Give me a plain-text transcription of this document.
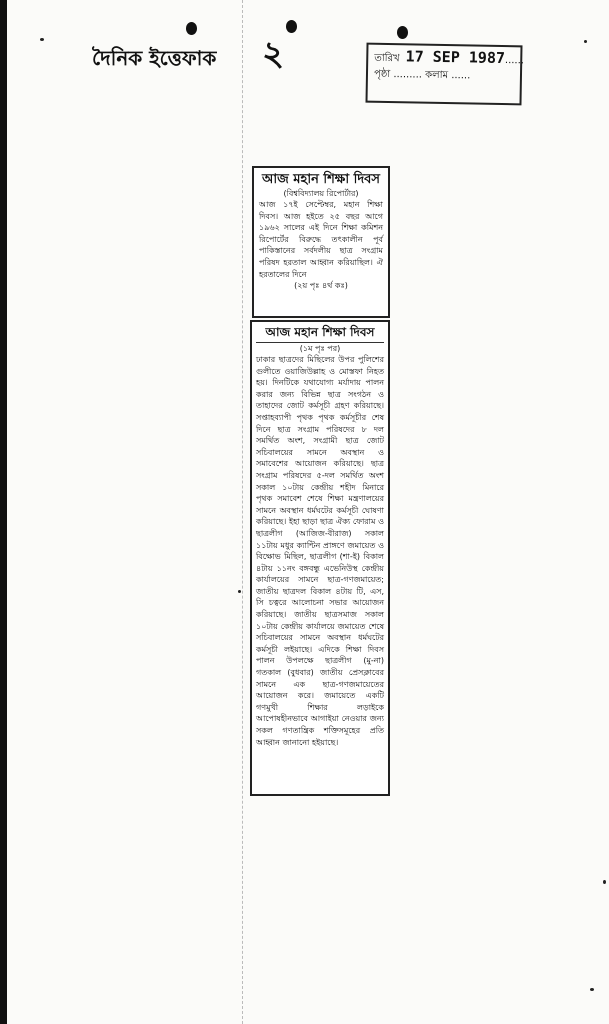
দৈনিক ইত্তেফাক ২	তারিখ 17 SEP 1987......
পৃষ্ঠা ......... কলাম ......
আজ মহান শিক্ষা দিবস
(বিশ্ববিদ্যালয় রিপোর্টার)
আজ ১৭ই সেপ্টেম্বর, মহান শিক্ষা দিবস। আজ হইতে ২৫ বছর আগে ১৯৬২ সালের এই দিনে শিক্ষা কমিশন রিপোর্টের বিরুদ্ধে তৎকালীন পূর্ব পাকিস্তানের সর্বদলীয় ছাত্র সংগ্রাম পরিষদ হরতাল আহ্বান করিয়াছিল। ঐ হরতালের দিনে
(২য় পৃঃ ৪র্থ কঃ)
আজ মহান শিক্ষা দিবস
(১ম পৃঃ পর)
ঢাকার ছাত্রদের মিছিলের উপর পুলিশের গুলীতে ওয়াজিউল্লাহ ও মোস্তফা নিহত হয়। দিনটিকে যথাযোগ্য মর্যাদায় পালন করার জন্য বিভিন্ন ছাত্র সংগঠন ও তাহাদের জোট কর্মসূচী গ্রহণ করিয়াছে। সপ্তাহব্যাপী পৃথক পৃথক কর্মসূচীর শেষ দিনে ছাত্র সংগ্রাম পরিষদের ৮ দল সমর্থিত অংশ, সংগ্রামী ছাত্র জোট সচিবালয়ের সামনে অবস্থান ও সমাবেশের আয়োজন করিয়াছে। ছাত্র সংগ্রাম পরিষদের ৫-দল সমর্থিত অংশ সকাল ১০টায় কেন্দ্রীয় শহীদ মিনারে পৃথক সমাবেশ শেষে শিক্ষা মন্ত্রণালয়ের সামনে অবস্থান ধর্মঘটের কর্মসূচী ঘোষণা করিয়াছে। ইহা ছাড়া ছাত্র ঐক্য ফোরাম ও ছাত্রলীগ (আজিজ-বীরাজ) সকাল ১১টায় মধুর ক্যান্টিন প্রাঙ্গণে জমায়েত ও বিক্ষোভ মিছিল, ছাত্রলীগ (শা-ই) বিকাল ৪টায় ১১নং বঙ্গবন্ধু এভেনিউস্থ কেন্দ্রীয় কার্যালয়ের সামনে ছাত্র-গণজমায়েত; জাতীয় ছাত্রদল বিকাল ৪টায় টি, এস, সি চত্বরে আলোচনা সভার আয়োজন করিয়াছে। জাতীয় ছাত্রসমাজ সকাল ১০টায় কেন্দ্রীয় কার্যালয়ে জমায়েত শেষে সচিবালয়ের সামনে অবস্থান ধর্মঘটের কর্মসূচী লইয়াছে। এদিকে শিক্ষা দিবস পালন উপলক্ষে ছাত্রলীগ (মু-না) গতকাল (বুধবার) জাতীয় প্রেসক্লাবের সামনে এক ছাত্র-গণজমায়েতের আয়োজন করে। জমায়েতে একটি গণমুখী শিক্ষার লড়াইকে আপোষহীনভাবে আগাইয়া নেওয়ার জন্য সকল গণতান্ত্রিক শক্তিসমূহের প্রতি আহ্বান জানানো হইয়াছে।
